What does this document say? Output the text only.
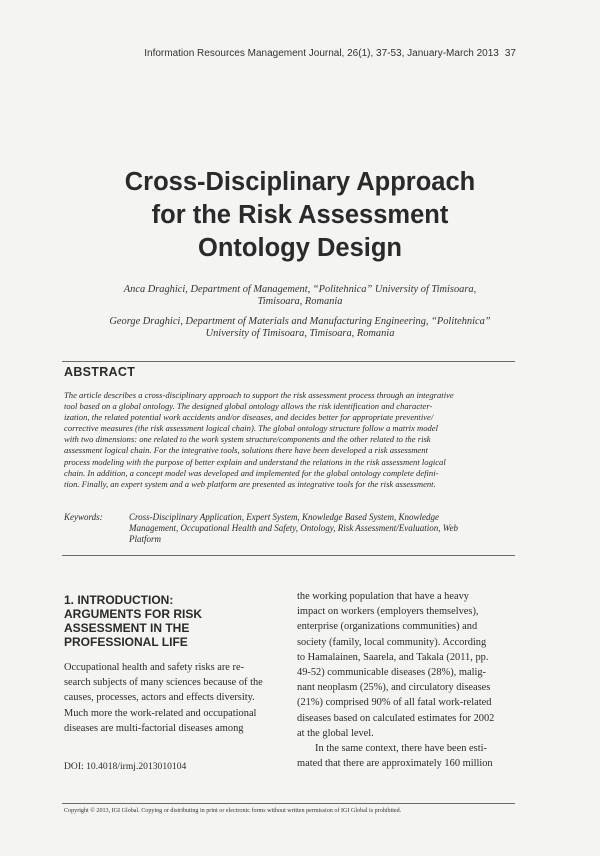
Information Resources Management Journal, 26(1), 37-53, January-March 2013 37
Cross-Disciplinary Approach
for the Risk Assessment
Ontology Design
Anca Draghici, Department of Management, “Politehnica” University of Timisoara,
Timisoara, Romania
George Draghici, Department of Materials and Manufacturing Engineering, “Politehnica”
University of Timisoara, Timisoara, Romania
ABSTRACT
The article describes a cross-disciplinary approach to support the risk assessment process through an integrative
tool based on a global ontology. The designed global ontology allows the risk identification and character-
ization, the related potential work accidents and/or diseases, and decides better for appropriate preventive/
corrective measures (the risk assessment logical chain). The global ontology structure follow a matrix model
with two dimensions: one related to the work system structure/components and the other related to the risk
assessment logical chain. For the integrative tools, solutions there have been developed a risk assessment
process modeling with the purpose of better explain and understand the relations in the risk assessment logical
chain. In addition, a concept model was developed and implemented for the global ontology complete defini-
tion. Finally, an expert system and a web platform are presented as integrative tools for the risk assessment.
Keywords:	Cross-Disciplinary Application, Expert System, Knowledge Based System, Knowledge
Management, Occupational Health and Safety, Ontology, Risk Assessment/Evaluation, Web
Platform
1. INTRODUCTION:
ARGUMENTS FOR RISK
ASSESSMENT IN THE
PROFESSIONAL LIFE
Occupational health and safety risks are re-
search subjects of many sciences because of the
causes, processes, actors and effects diversity.
Much more the work-related and occupational
diseases are multi-factorial diseases among
the working population that have a heavy
impact on workers (employers themselves),
enterprise (organizations communities) and
society (family, local community). According
to Hamalainen, Saarela, and Takala (2011, pp.
49-52) communicable diseases (28%), malig-
nant neoplasm (25%), and circulatory diseases
(21%) comprised 90% of all fatal work-related
diseases based on calculated estimates for 2002
at the global level.
In the same context, there have been esti-
mated that there are approximately 160 million
DOI: 10.4018/irmj.2013010104
Copyright © 2013, IGI Global. Copying or distributing in print or electronic forms without written permission of IGI Global is prohibited.
